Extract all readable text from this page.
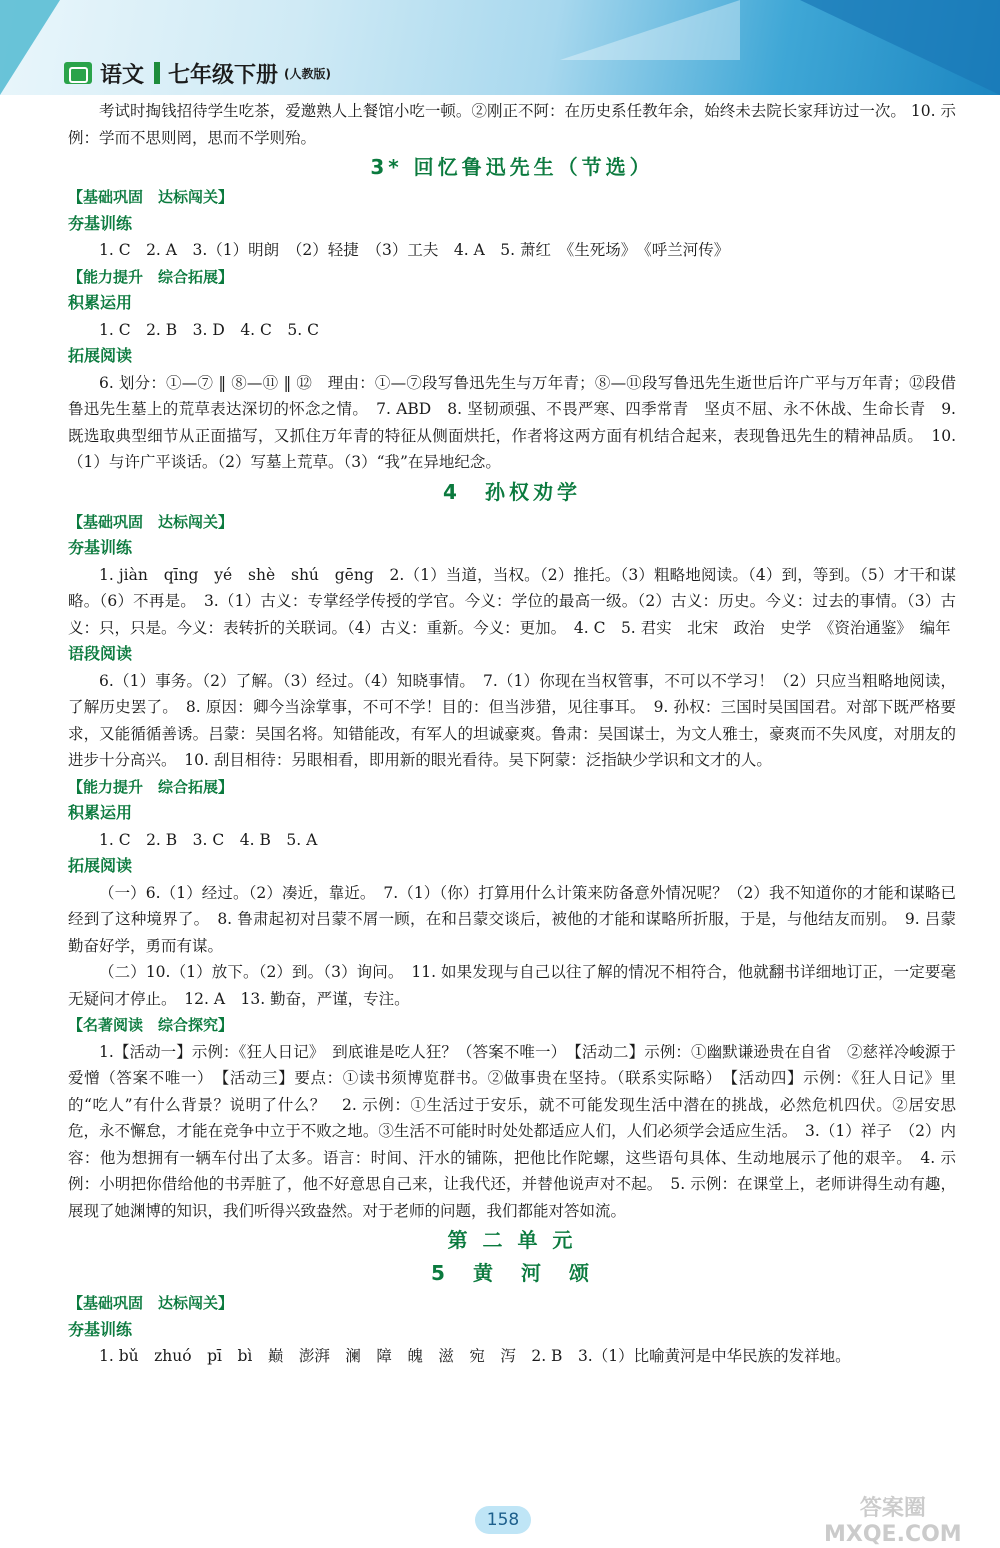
语文 七年级下册 (人教版)

考试时掏钱招待学生吃茶，爱邀熟人上餐馆小吃一顿。②刚正不阿：在历史系任教年余，始终未去院长家拜访过一次。 10. 示例：学而不思则罔，思而不学则殆。

3* 回忆鲁迅先生（节选）
【基础巩固　达标闯关】
夯基训练

1. C　2. A　3.（1）明朗　（2）轻捷　（3）工夫　4. A　5. 萧红　《生死场》　《呼兰河传》

【能力提升　综合拓展】
积累运用

1. C　2. B　3. D　4. C　5. C

拓展阅读

6. 划分：①—⑦ ‖ ⑧—⑪ ‖ ⑫　理由：①—⑦段写鲁迅先生与万年青；⑧—⑪段写鲁迅先生逝世后许广平与万年青；⑫段借鲁迅先生墓上的荒草表达深切的怀念之情。　7. ABD　8. 坚韧顽强、不畏严寒、四季常青　坚贞不屈、永不休战、生命长青　9. 既选取典型细节从正面描写，又抓住万年青的特征从侧面烘托，作者将这两方面有机结合起来，表现鲁迅先生的精神品质。　10.（1）与许广平谈话。（2）写墓上荒草。（3）“我”在异地纪念。

4　孙权劝学
【基础巩固　达标闯关】
夯基训练

1. jiàn　qīng　yé　shè　shú　gēng　2.（1）当道，当权。（2）推托。（3）粗略地阅读。（4）到，等到。（5）才干和谋略。（6）不再是。　3.（1）古义：专掌经学传授的学官。今义：学位的最高一级。（2）古义：历史。今义：过去的事情。（3）古义：只，只是。今义：表转折的关联词。（4）古义：重新。今义：更加。　4. C　5. 君实　北宋　政治　史学　《资治通鉴》　编年

语段阅读

6.（1）事务。（2）了解。（3）经过。（4）知晓事情。　7.（1）你现在当权管事，不可以不学习！（2）只应当粗略地阅读，了解历史罢了。　8. 原因：卿今当涂掌事，不可不学！目的：但当涉猎，见往事耳。　9. 孙权：三国时吴国国君。对部下既严格要求，又能循循善诱。吕蒙：吴国名将。知错能改，有军人的坦诚豪爽。鲁肃：吴国谋士，为文人雅士，豪爽而不失风度，对朋友的进步十分高兴。　10. 刮目相待：另眼相看，即用新的眼光看待。吴下阿蒙：泛指缺少学识和文才的人。

【能力提升　综合拓展】
积累运用

1. C　2. B　3. C　4. B　5. A

拓展阅读

（一）6.（1）经过。（2）凑近，靠近。　7.（1）（你）打算用什么计策来防备意外情况呢？（2）我不知道你的才能和谋略已经到了这种境界了。　8. 鲁肃起初对吕蒙不屑一顾，在和吕蒙交谈后，被他的才能和谋略所折服，于是，与他结友而别。　9. 吕蒙勤奋好学，勇而有谋。

（二）10.（1）放下。（2）到。（3）询问。　11. 如果发现与自己以往了解的情况不相符合，他就翻书详细地订正，一定要毫无疑问才停止。　12. A　13. 勤奋，严谨，专注。

【名著阅读　综合探究】

1.【活动一】示例：《狂人日记》　到底谁是吃人狂？（答案不唯一）　【活动二】示例：①幽默谦逊贵在自省　②慈祥冷峻源于爱憎（答案不唯一）　【活动三】要点：①读书须博览群书。②做事贵在坚持。（联系实际略）　【活动四】示例：《狂人日记》里的“吃人”有什么背景？说明了什么？　2. 示例：①生活过于安乐，就不可能发现生活中潜在的挑战，必然危机四伏。②居安思危，永不懈怠，才能在竞争中立于不败之地。③生活不可能时时处处都适应人们，人们必须学会适应生活。　3.（1）祥子　（2）内容：他为想拥有一辆车付出了太多。语言：时间、汗水的铺陈，把他比作陀螺，这些语句具体、生动地展示了他的艰辛。　4. 示例：小明把你借给他的书弄脏了，他不好意思自己来，让我代还，并替他说声对不起。　5. 示例：在课堂上，老师讲得生动有趣，展现了她渊博的知识，我们听得兴致盎然。对于老师的问题，我们都能对答如流。

第 二 单 元
5　黄　河　颂
【基础巩固　达标闯关】
夯基训练

1. bǔ　zhuó　pī　bì　巅　澎湃　澜　障　魄　滋　宛　泻　2. B　3.（1）比喻黄河是中华民族的发祥地。

158	答案圈
MXQE.COM
